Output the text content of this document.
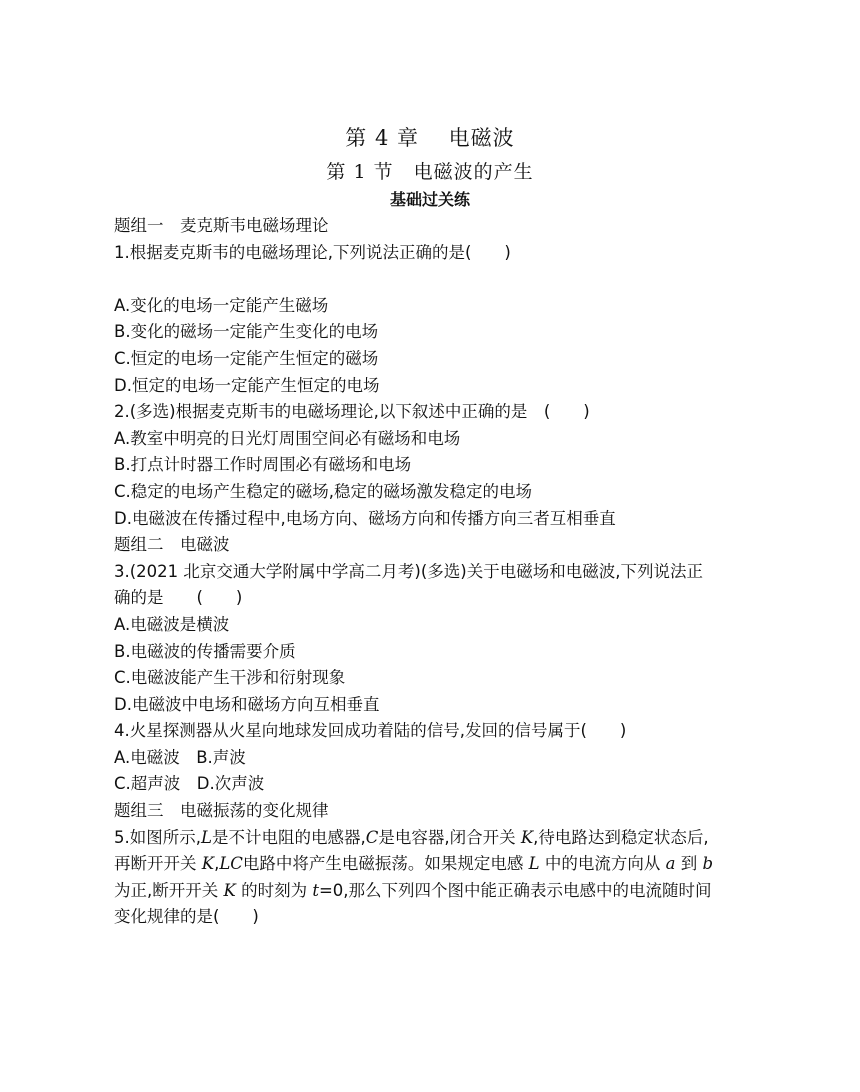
第 4 章　 电磁波
第 1 节　电磁波的产生
基础过关练
题组一　麦克斯韦电磁场理论
1.根据麦克斯韦的电磁场理论,下列说法正确的是(　　)
A.变化的电场一定能产生磁场
B.变化的磁场一定能产生变化的电场
C.恒定的电场一定能产生恒定的磁场
D.恒定的电场一定能产生恒定的电场
2.(多选)根据麦克斯韦的电磁场理论,以下叙述中正确的是　(　　)
A.教室中明亮的日光灯周围空间必有磁场和电场
B.打点计时器工作时周围必有磁场和电场
C.稳定的电场产生稳定的磁场,稳定的磁场激发稳定的电场
D.电磁波在传播过程中,电场方向、磁场方向和传播方向三者互相垂直
题组二　电磁波
3.(2021 北京交通大学附属中学高二月考)(多选)关于电磁场和电磁波,下列说法正
确的是　　(　　)
A.电磁波是横波
B.电磁波的传播需要介质
C.电磁波能产生干涉和衍射现象
D.电磁波中电场和磁场方向互相垂直
4.火星探测器从火星向地球发回成功着陆的信号,发回的信号属于(　　)
A.电磁波　B.声波
C.超声波　D.次声波
题组三　电磁振荡的变化规律
5.如图所示,L是不计电阻的电感器,C是电容器,闭合开关 K,待电路达到稳定状态后,
再断开开关 K,LC电路中将产生电磁振荡。如果规定电感 L 中的电流方向从 a 到 b
为正,断开开关 K 的时刻为 t=0,那么下列四个图中能正确表示电感中的电流随时间
变化规律的是(　　)
